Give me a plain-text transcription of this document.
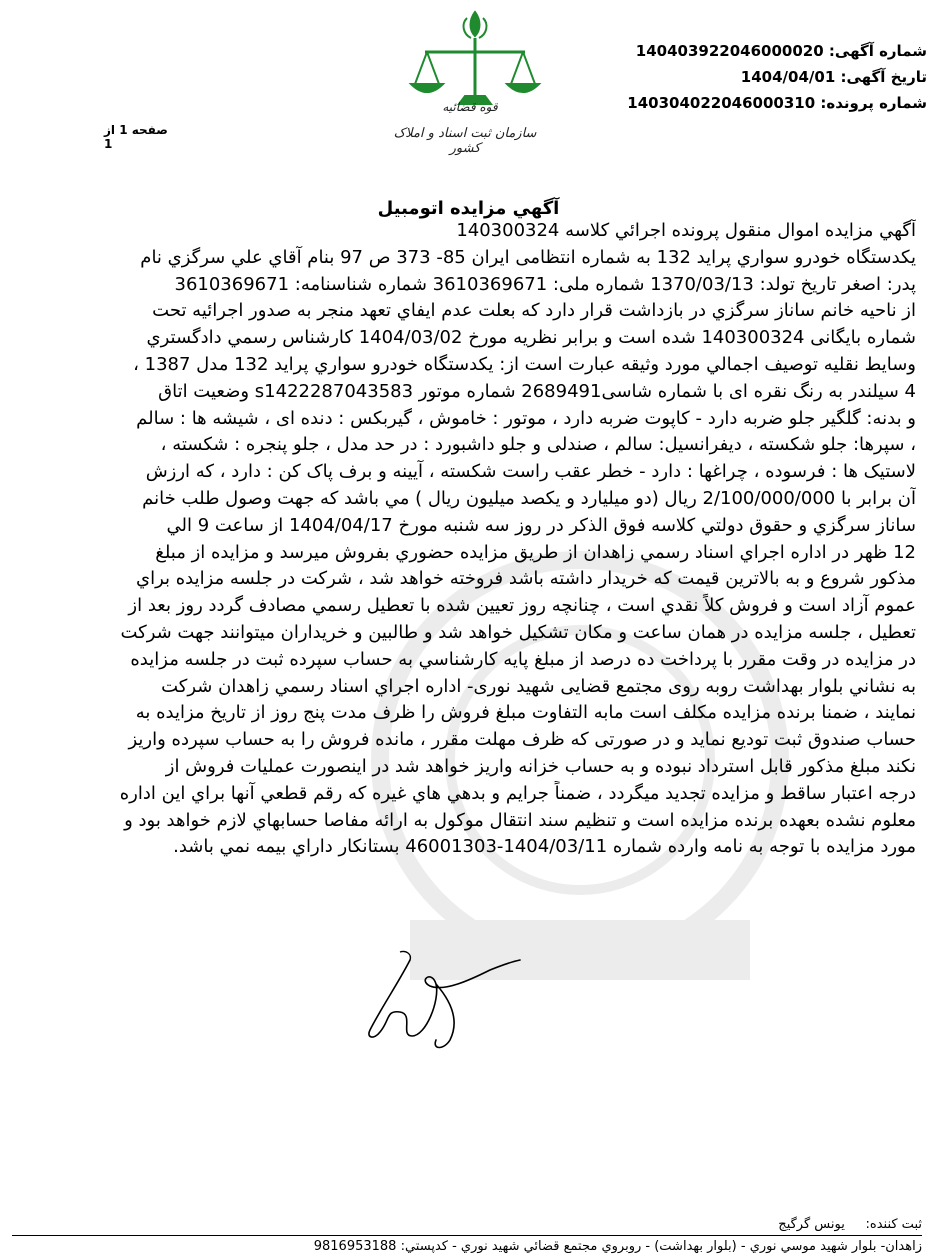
قوه قضائیه
سازمان ثبت اسناد و املاک کشور
شماره آگهی: 14040392204600002​0
تاریخ آگهی: 1404/04/01
شماره پرونده: 14030402204600031​0
صفحه 1 از 1
آگهي مزايده اتومبيل
آگهي مزايده اموال منقول پرونده اجرائي كلاسه 140300324
يكدستگاه خودرو سواري پرايد 132 به شماره انتظامی ایران 85- 373 ص 97 بنام آقاي علي سرگزي نام
پدر: اصغر تاریخ تولد: 1370/03/13 شماره ملی: 3610369671 شماره شناسنامه: 3610369671
از ناحيه خانم ساناز سرگزي در بازداشت قرار دارد كه بعلت عدم ايفاي تعهد منجر به صدور اجرائيه تحت
شماره بایگانی 140300324 شده است و برابر نظريه مورخ 1404/03/02 كارشناس رسمي دادگستري
وسايط نقليه توصيف اجمالي مورد وثيقه عبارت است از: يكدستگاه خودرو سواري پرايد 132 مدل 1387 ،
4 سیلندر به رنگ نقره ای با شماره شاسی2689491 شماره موتور s1422287043583 وضعیت اتاق
و بدنه: گلگیر جلو ضربه دارد - کاپوت ضربه دارد ، موتور : خاموش ، گیربکس : دنده ای ، شیشه ها : سالم
، سپرها: جلو شکسته ، دیفرانسیل: سالم ، صندلی و جلو داشبورد : در حد مدل ، جلو پنجره : شکسته ،
لاستیک ها : فرسوده ، چراغها : دارد - خطر عقب راست شکسته ، آیینه و برف پاک کن : دارد ، كه ارزش
آن برابر با 2/100/000/000 ریال (دو میلیارد و یکصد میلیون ریال ) مي باشد كه جهت وصول طلب خانم
ساناز سرگزي و حقوق دولتي كلاسه فوق الذكر در روز سه شنبه مورخ 1404/04/17 از ساعت 9 الي
12 ظهر در اداره اجراي اسناد رسمي زاهدان از طريق مزايده حضوري بفروش ميرسد و مزايده از مبلغ
مذكور شروع و به بالاترين قيمت كه خريدار داشته باشد فروخته خواهد شد ، شركت در جلسه مزايده براي
عموم آزاد است و فروش كلاً نقدي است ، چنانچه روز تعيين شده با تعطيل رسمي مصادف گردد روز بعد از
تعطيل ، جلسه مزايده در همان ساعت و مكان تشكيل خواهد شد و طالبين و خريداران ميتوانند جهت شركت
در مزايده در وقت مقرر با پرداخت ده درصد از مبلغ پايه كارشناسي به حساب سپرده ثبت در جلسه مزايده
به نشاني بلوار بهداشت روبه روی مجتمع قضایی شهید نوری- اداره اجراي اسناد رسمي زاهدان شركت
نمايند ، ضمنا برنده مزايده مكلف است مابه التفاوت مبلغ فروش را ظرف مدت پنج روز از تاريخ مزايده به
حساب صندوق ثبت توديع نمايد و در صورتی كه ظرف مهلت مقرر ، مانده فروش را به حساب سپرده واريز
نكند مبلغ مذكور قابل استرداد نبوده و به حساب خزانه واريز خواهد شد در اينصورت عمليات فروش از
درجه اعتبار ساقط و مزايده تجديد ميگردد ، ضمناً جرايم و بدهي هاي غيره كه رقم قطعي آنها براي اين اداره
معلوم نشده بعهده برنده مزايده است و تنظيم سند انتقال موكول به ارائه مفاصا حسابهاي لازم خواهد بود و
مورد مزايده با توجه به نامه وارده شماره 1404/03/11-46001303 بستانكار داراي بيمه نمي باشد.
ثبت کننده:     یونس گرگیج
زاهدان- بلوار شهيد موسي نوري - (بلوار بهداشت) - روبروي مجتمع قضائي شهيد نوري - كدپستي: 9816953188
